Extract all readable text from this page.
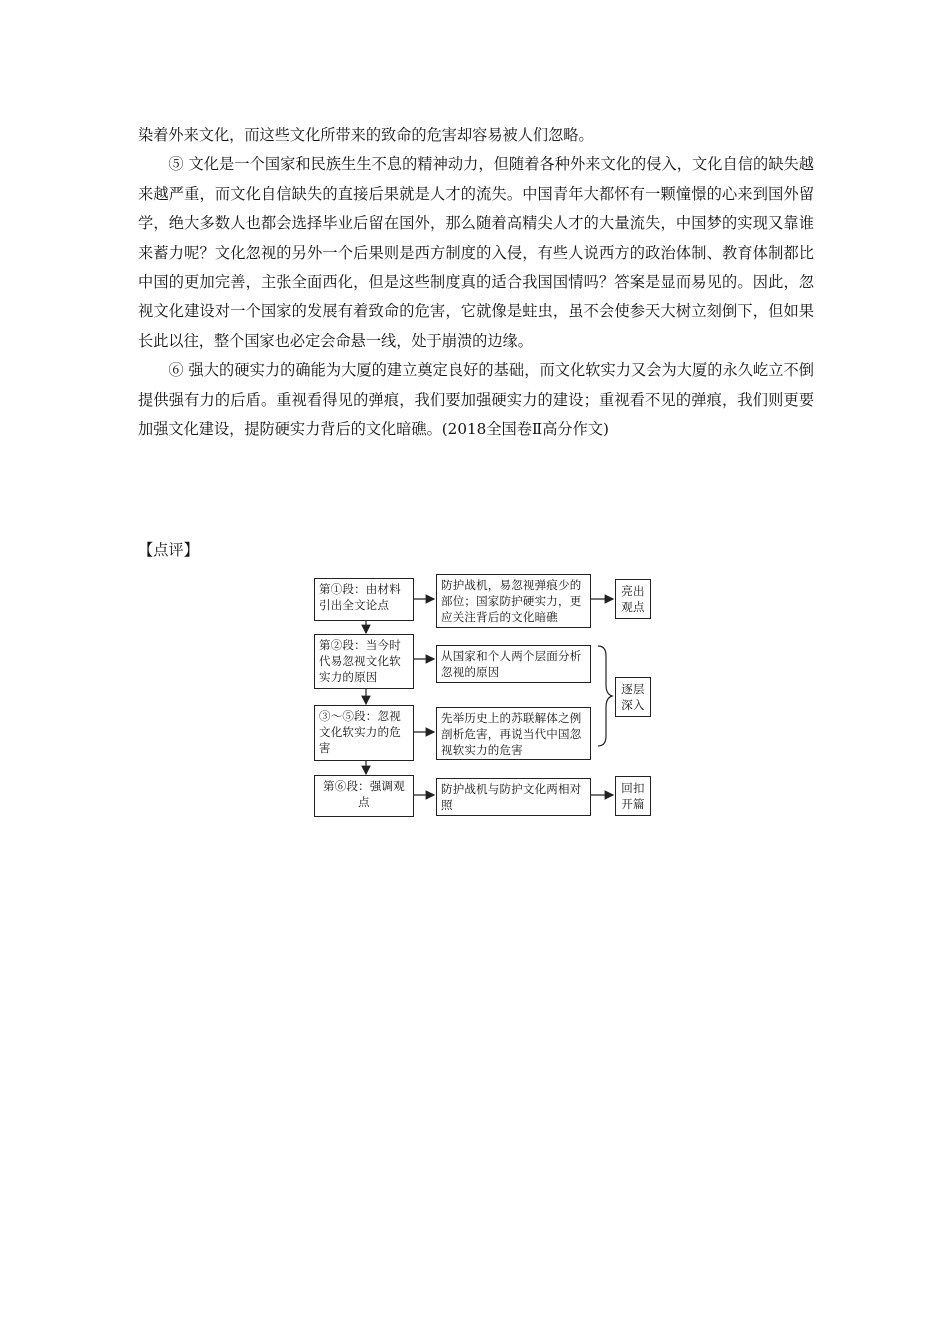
染着外来文化，而这些文化所带来的致命的危害却容易被人们忽略。

⑤ 文化是一个国家和民族生生不息的精神动力，但随着各种外来文化的侵入，文化自信的缺失越来越严重，而文化自信缺失的直接后果就是人才的流失。中国青年大都怀有一颗憧憬的心来到国外留学，绝大多数人也都会选择毕业后留在国外，那么随着高精尖人才的大量流失，中国梦的实现又靠谁来蓄力呢？文化忽视的另外一个后果则是西方制度的入侵，有些人说西方的政治体制、教育体制都比中国的更加完善，主张全面西化，但是这些制度真的适合我国国情吗？答案是显而易见的。因此，忽视文化建设对一个国家的发展有着致命的危害，它就像是蛀虫，虽不会使参天大树立刻倒下，但如果长此以往，整个国家也必定会命悬一线，处于崩溃的边缘。

⑥ 强大的硬实力的确能为大厦的建立奠定良好的基础，而文化软实力又会为大厦的永久屹立不倒提供强有力的后盾。重视看得见的弹痕，我们要加强硬实力的建设；重视看不见的弹痕，我们则更要加强文化建设，提防硬实力背后的文化暗礁。(2018全国卷Ⅱ高分作文)

【点评】

第①段：由材料引出全文论点
第②段：当今时代易忽视文化软实力的原因
③～⑤段：忽视文化软实力的危害
第⑥段：强调观点
防护战机，易忽视弹痕少的部位；国家防护硬实力，更应关注背后的文化暗礁
从国家和个人两个层面分析忽视的原因
先举历史上的苏联解体之例剖析危害，再说当代中国忽视软实力的危害
防护战机与防护文化两相对照
亮出观点
逐层深入
回扣开篇
